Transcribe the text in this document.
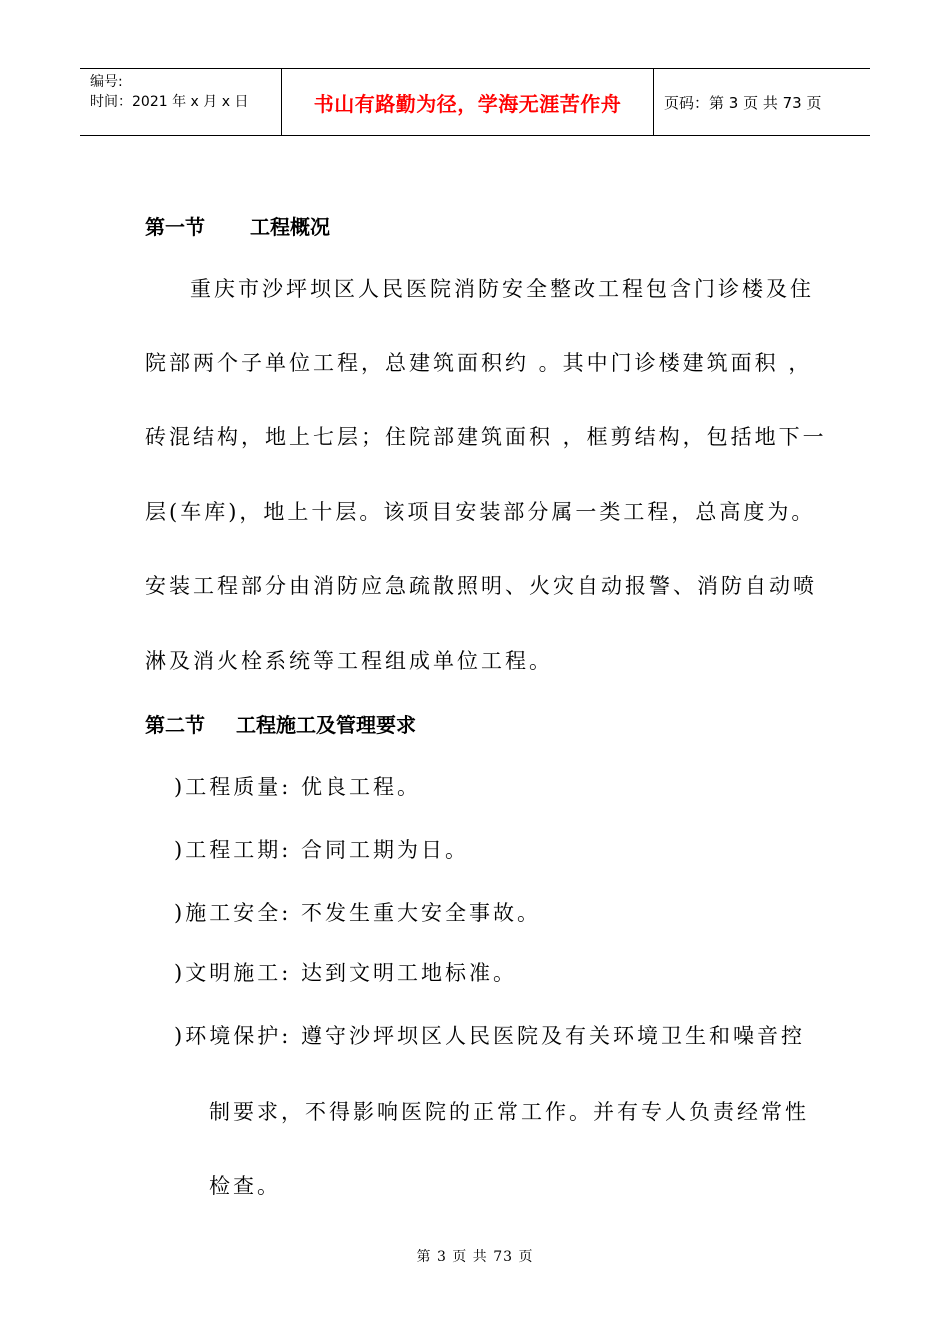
编号:
时间：2021 年 x 月 x 日	书山有路勤为径，学海无涯苦作舟	页码：第 3 页 共 73 页
第一节 工程概况
重庆市沙坪坝区人民医院消防安全整改工程包含门诊楼及住
院部两个子单位工程，总建筑面积约 。其中门诊楼建筑面积 ，
砖混结构，地上七层；住院部建筑面积 ，框剪结构，包括地下一
层(车库)，地上十层。该项目安装部分属一类工程，总高度为。
安装工程部分由消防应急疏散照明、火灾自动报警、消防自动喷
淋及消火栓系统等工程组成单位工程。
第二节 工程施工及管理要求
)工程质量: 优良工程。
)工程工期: 合同工期为日。
)施工安全: 不发生重大安全事故。
)文明施工: 达到文明工地标准。
)环境保护: 遵守沙坪坝区人民医院及有关环境卫生和噪音控
制要求，不得影响医院的正常工作。并有专人负责经常性
检查。
第 3 页 共 73 页
